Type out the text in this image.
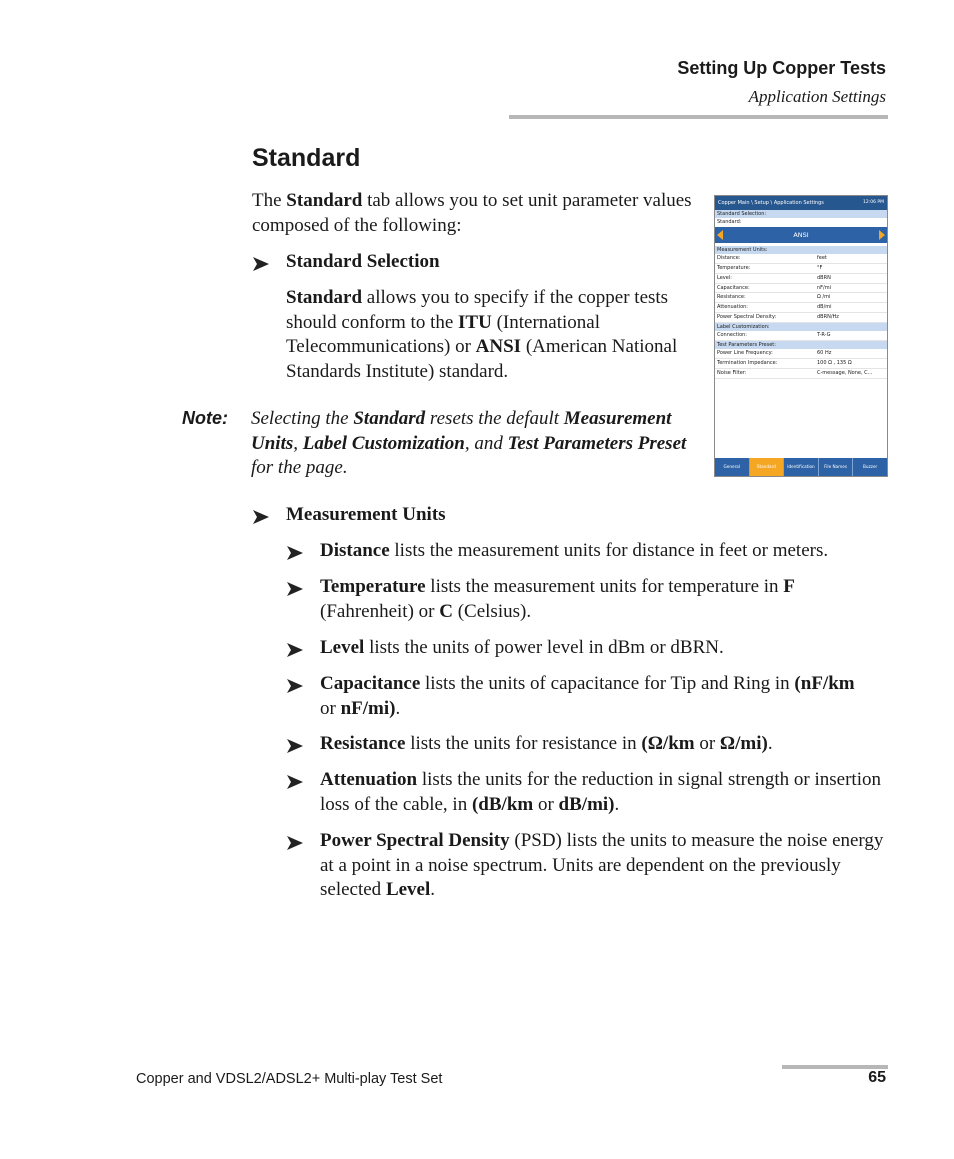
Setting Up Copper Tests
Application Settings
Standard
The Standard tab allows you to set unit parameter values composed of the following:
Standard Selection
Standard allows you to specify if the copper tests should conform to the ITU (International Telecommunications) or ANSI (American National Standards Institute) standard.
Note: Selecting the Standard resets the default Measurement Units, Label Customization, and Test Parameters Preset for the page.
Copper Main \ Setup \ Application Settings	12:06 PM
Standard Selection:
Standard:
ANSI
Measurement Units:
Distance:	feet
Temperature:	°F
Level:	dBRN
Capacitance:	nF/mi
Resistance:	Ω /mi
Attenuation:	dB/mi
Power Spectral Density:	dBRN/Hz
Label Customization:
Connection:	T-R-G
Test Parameters Preset:
Power Line Frequency:	60 Hz
Termination Impedance:	100 Ω , 135 Ω
Noise Filter:	C-message, None, C...
General	Standard	Identification	File Names	Buzzer
Measurement Units
Distance lists the measurement units for distance in feet or meters.
Temperature lists the measurement units for temperature in F (Fahrenheit) or C (Celsius).
Level lists the units of power level in dBm or dBRN.
Capacitance lists the units of capacitance for Tip and Ring in (nF/km or nF/mi).
Resistance lists the units for resistance in (Ω/km or Ω/mi).
Attenuation lists the units for the reduction in signal strength or insertion loss of the cable, in (dB/km or dB/mi).
Power Spectral Density (PSD) lists the units to measure the noise energy at a point in a noise spectrum. Units are dependent on the previously selected Level.
Copper and VDSL2/ADSL2+ Multi-play Test Set	65
